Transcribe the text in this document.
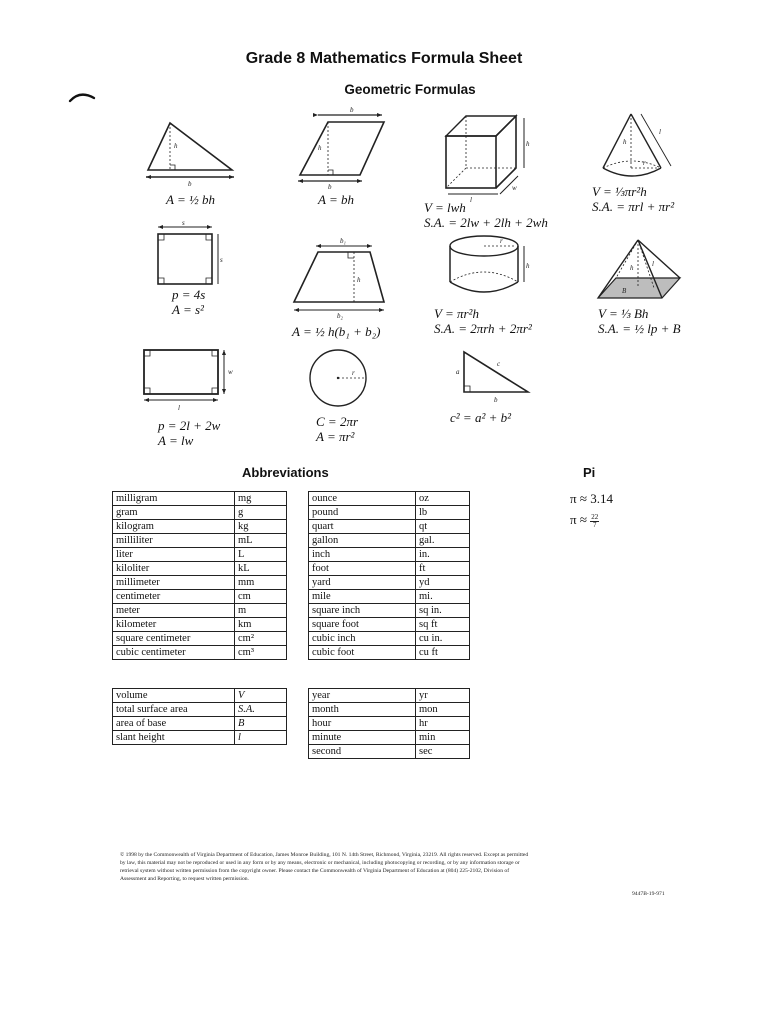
Grade 8 Mathematics Formula Sheet
Geometric Formulas
h
b
A = ½ bh
b
h
b
A = bh
h
l
w
V = lwh
S.A. = 2lw + 2lh + 2wh
h
l
r
V = ⅓πr²h
S.A. = πrl + πr²
s
s
p = 4s
A = s²
b₁
h
b₂
A = ½ h(b₁ + b₂)
r
h
V = πr²h
S.A. = 2πrh + 2πr²
h	l
B
V = ⅓ Bh
S.A. = ½ lp + B
w
l
p = 2l + 2w
A = lw
r
C = 2πr
A = πr²
a
c
b
c² = a² + b²
Abbreviations
milligram	mg
gram	g
kilogram	kg
milliliter	mL
liter	L
kiloliter	kL
millimeter	mm
centimeter	cm
meter	m
kilometer	km
square centimeter	cm²
cubic centimeter	cm³
ounce	oz
pound	lb
quart	qt
gallon	gal.
inch	in.
foot	ft
yard	yd
mile	mi.
square inch	sq in.
square foot	sq ft
cubic inch	cu in.
cubic foot	cu ft
volume	V
total surface area	S.A.
area of base	B
slant height	l
year	yr
month	mon
hour	hr
minute	min
second	sec
Pi
π ≈ 3.14
$\pi \approx \frac{22}{7}$
© 1998 by the Commonwealth of Virginia Department of Education, James Monroe Building, 101 N. 14th Street, Richmond, Virginia, 23219. All rights reserved. Except as permitted by law, this material may not be reproduced or used in any form or by any means, electronic or mechanical, including photocopying or recording, or by any information storage or retrieval system without written permission from the copyright owner. Please contact the Commonwealth of Virginia Department of Education at (804) 225-2102, Division of Assessment and Reporting, to request written permission.
9447B-19-971
